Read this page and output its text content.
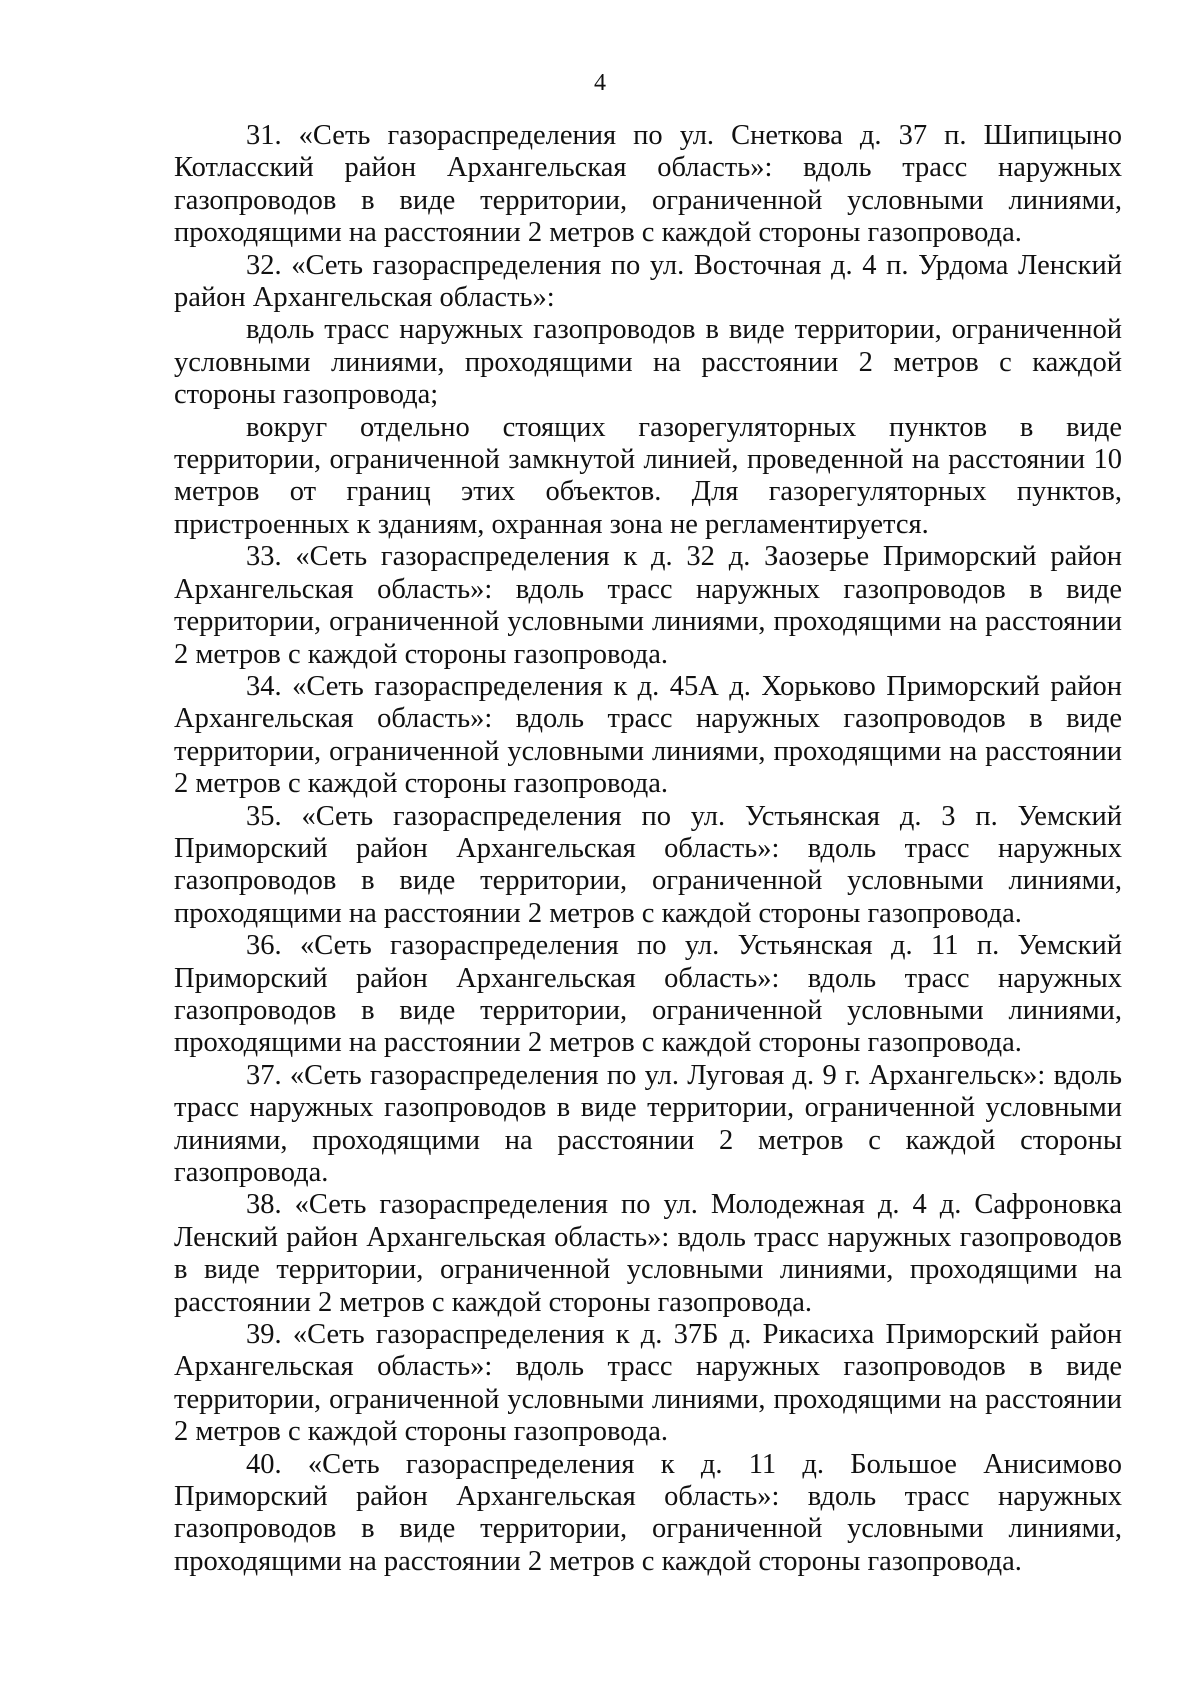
4

31. «Сеть газораспределения по ул. Снеткова д. 37 п. Шипицыно Котласский район Архангельская область»: вдоль трасс наружных газопроводов в виде территории, ограниченной условными линиями, проходящими на расстоянии 2 метров с каждой стороны газопровода.

32. «Сеть газораспределения по ул. Восточная д. 4 п. Урдома Ленский район Архангельская область»:

вдоль трасс наружных газопроводов в виде территории, ограниченной условными линиями, проходящими на расстоянии 2 метров с каждой стороны газопровода;

вокруг отдельно стоящих газорегуляторных пунктов в виде территории, ограниченной замкнутой линией, проведенной на расстоянии 10 метров от границ этих объектов. Для газорегуляторных пунктов, пристроенных к зданиям, охранная зона не регламентируется.

33. «Сеть газораспределения к д. 32 д. Заозерье Приморский район Архангельская область»: вдоль трасс наружных газопроводов в виде территории, ограниченной условными линиями, проходящими на расстоянии 2 метров с каждой стороны газопровода.

34. «Сеть газораспределения к д. 45А д. Хорьково Приморский район Архангельская область»: вдоль трасс наружных газопроводов в виде территории, ограниченной условными линиями, проходящими на расстоянии 2 метров с каждой стороны газопровода.

35. «Сеть газораспределения по ул. Устьянская д. 3 п. Уемский Приморский район Архангельская область»: вдоль трасс наружных газопроводов в виде территории, ограниченной условными линиями, проходящими на расстоянии 2 метров с каждой стороны газопровода.

36. «Сеть газораспределения по ул. Устьянская д. 11 п. Уемский Приморский район Архангельская область»: вдоль трасс наружных газопроводов в виде территории, ограниченной условными линиями, проходящими на расстоянии 2 метров с каждой стороны газопровода.

37. «Сеть газораспределения по ул. Луговая д. 9 г. Архангельск»: вдоль трасс наружных газопроводов в виде территории, ограниченной условными линиями, проходящими на расстоянии 2 метров с каждой стороны газопровода.

38. «Сеть газораспределения по ул. Молодежная д. 4 д. Сафроновка Ленский район Архангельская область»: вдоль трасс наружных газопроводов в виде территории, ограниченной условными линиями, проходящими на расстоянии 2 метров с каждой стороны газопровода.

39. «Сеть газораспределения к д. 37Б д. Рикасиха Приморский район Архангельская область»: вдоль трасс наружных газопроводов в виде территории, ограниченной условными линиями, проходящими на расстоянии 2 метров с каждой стороны газопровода.

40. «Сеть газораспределения к д. 11 д. Большое Анисимово Приморский район Архангельская область»: вдоль трасс наружных газопроводов в виде территории, ограниченной условными линиями, проходящими на расстоянии 2 метров с каждой стороны газопровода.
